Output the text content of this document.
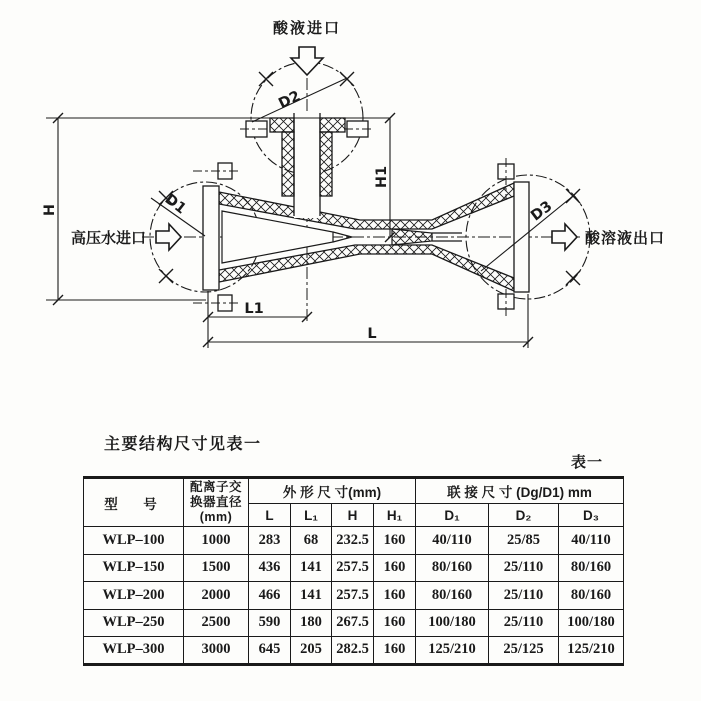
H
H1
L1
L
D1
D2
D3
酸液进口
高压水进口	酸溶液出口
主要结构尺寸见表一
表一
型　号	配离子交
换器直径
(mm)	外 形 尺 寸(mm)				联 接 尺 寸 (Dg/D1) mm		
		L	L₁	H	H₁	D₁	D₂	D₃
WLP–100	1000	283	68	232.5	160	40/110	25/85	40/110
WLP–150	1500	436	141	257.5	160	80/160	25/110	80/160
WLP–200	2000	466	141	257.5	160	80/160	25/110	80/160
WLP–250	2500	590	180	267.5	160	100/180	25/110	100/180
WLP–300	3000	645	205	282.5	160	125/210	25/125	125/210
